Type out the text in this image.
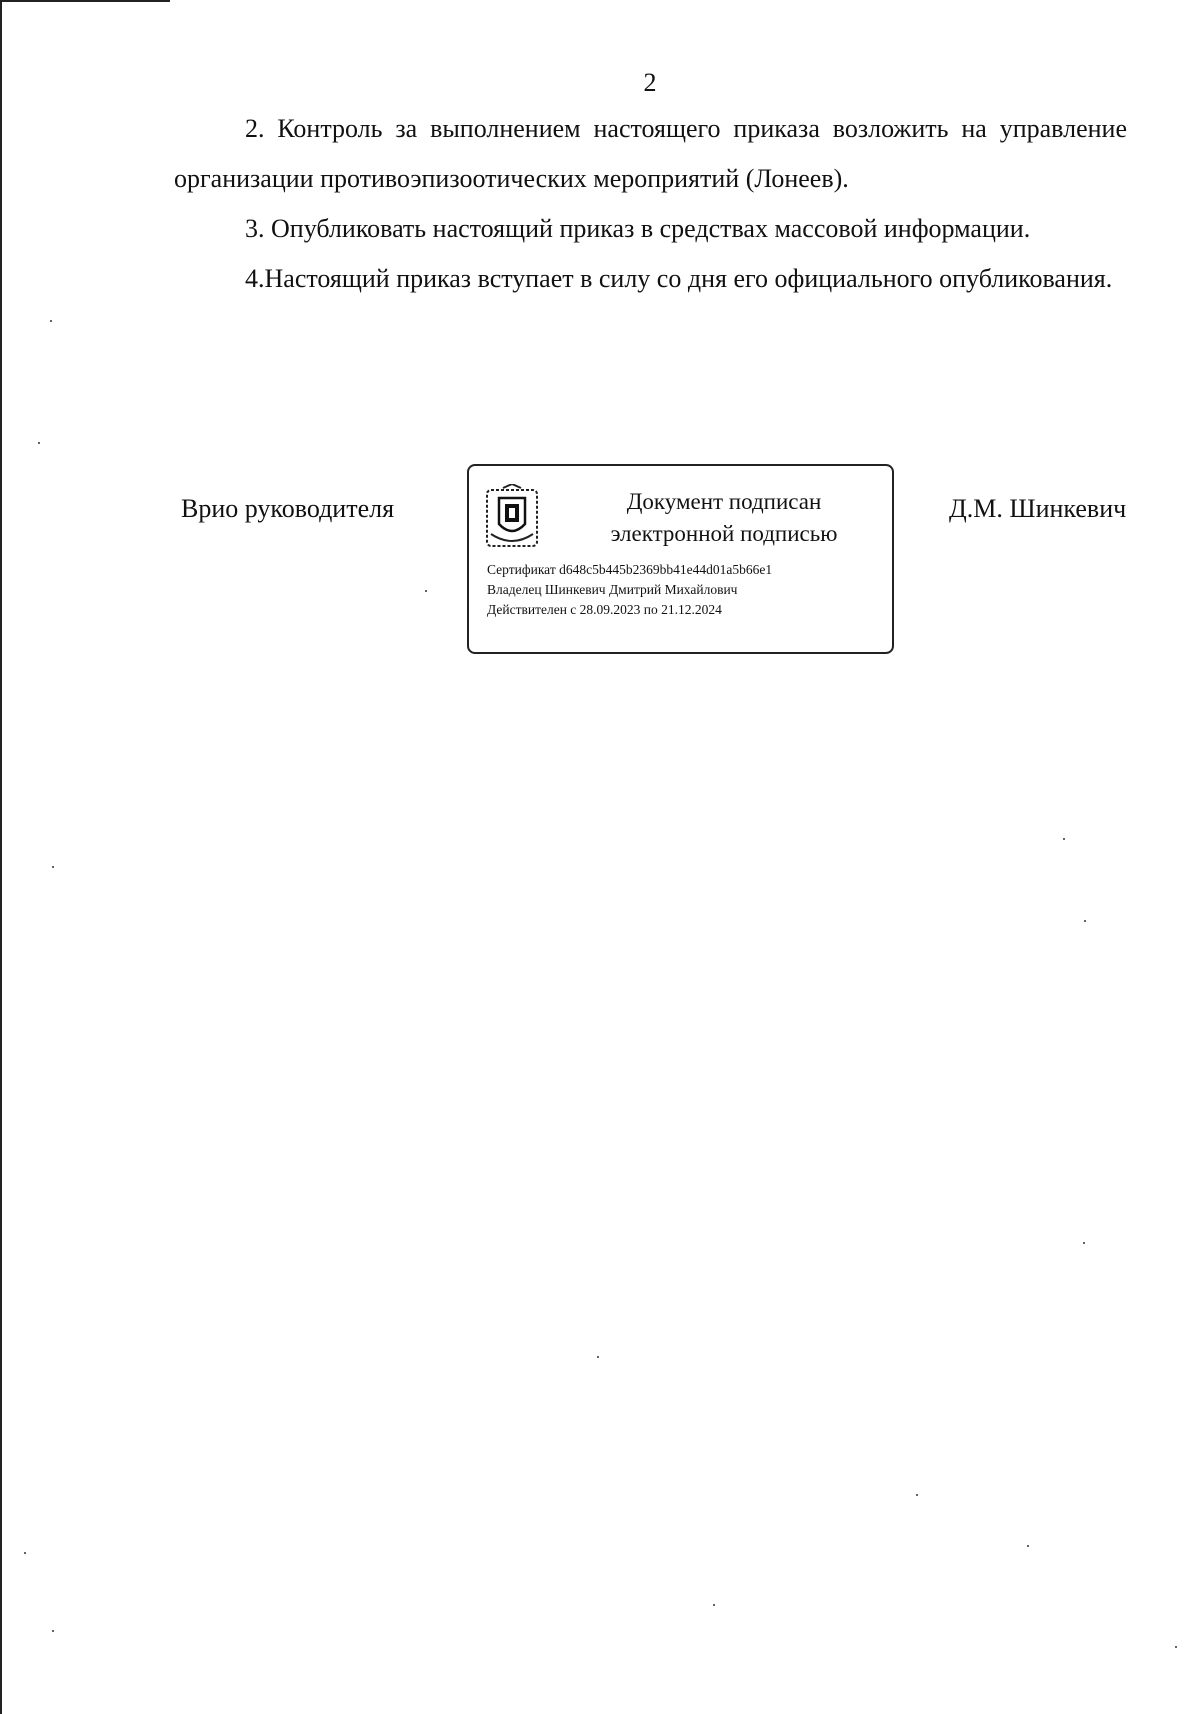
2

2. Контроль за выполнением настоящего приказа возложить на управление организации противоэпизоотических мероприятий (Лонеев).

3. Опубликовать настоящий приказ в средствах массовой информации.

4.Настоящий приказ вступает в силу со дня его официального опубликования.

Врио руководителя	Документ подписан
электронной подписью
Сертификат d648c5b445b2369bb41e44d01a5b66e1
Владелец Шинкевич Дмитрий Михайлович
Действителен с 28.09.2023 по 21.12.2024
Д.М. Шинкевич
